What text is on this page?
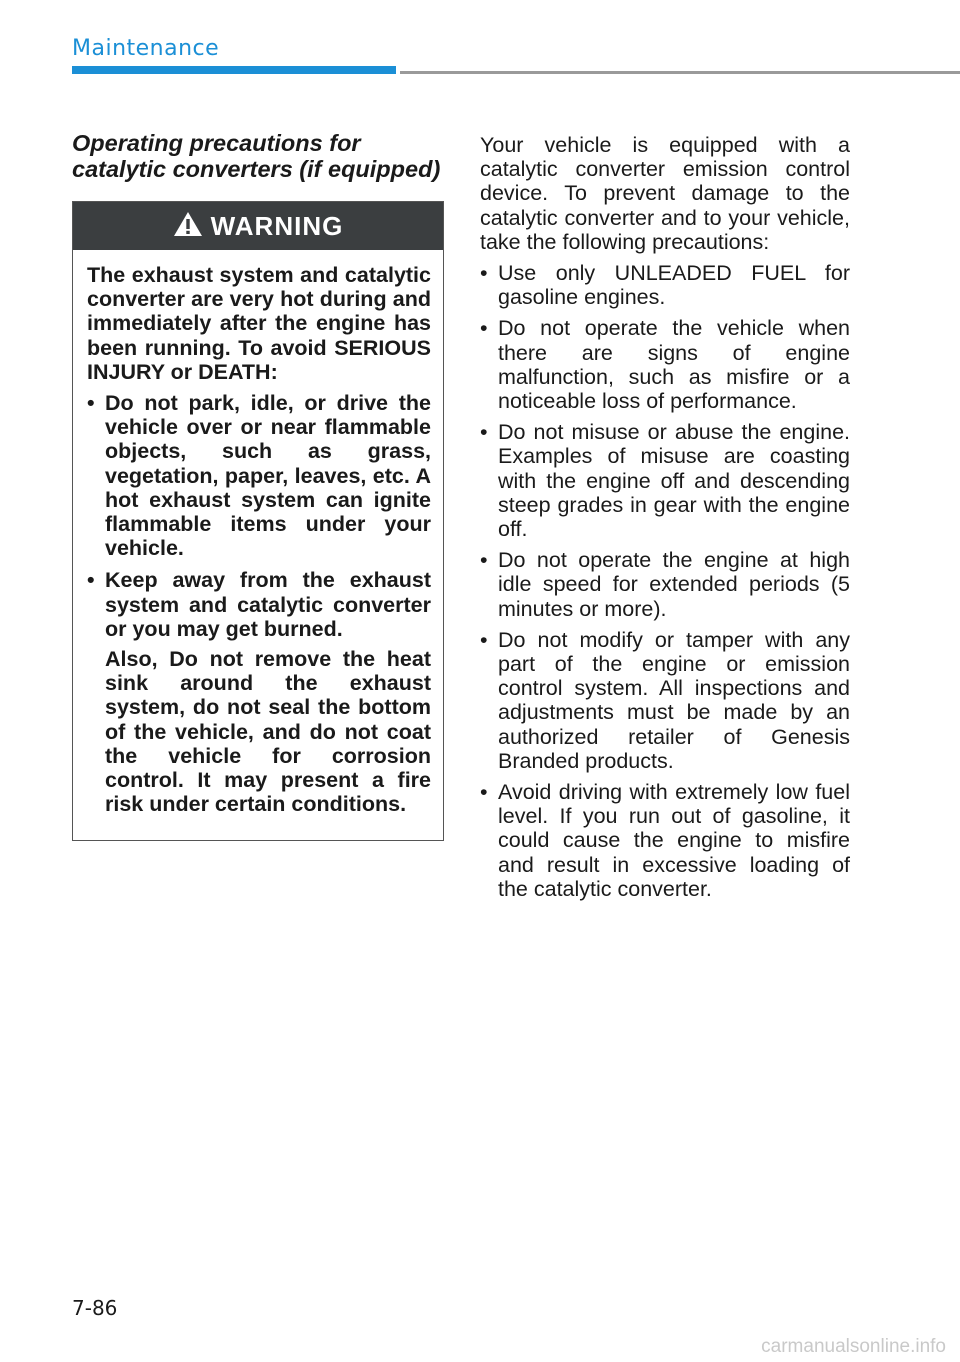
Maintenance
Operating precautions for catalytic converters (if equipped)
WARNING

The exhaust system and catalytic converter are very hot during and immediately after the engine has been running. To avoid SERIOUS INJURY or DEATH:

• Do not park, idle, or drive the vehicle over or near flammable objects, such as grass, vegetation, paper, leaves, etc. A hot exhaust system can ignite flammable items under your vehicle.
• Keep away from the exhaust system and catalytic converter or you may get burned.
Also, Do not remove the heat sink around the exhaust system, do not seal the bottom of the vehicle, and do not coat the vehicle for corrosion control. It may present a fire risk under certain conditions.

Your vehicle is equipped with a catalytic converter emission control device. To prevent damage to the catalytic converter and to your vehicle, take the following precautions:

• Use only UNLEADED FUEL for gasoline engines.
• Do not operate the vehicle when there are signs of engine malfunction, such as misfire or a noticeable loss of performance.
• Do not misuse or abuse the engine. Examples of misuse are coasting with the engine off and descending steep grades in gear with the engine off.
• Do not operate the engine at high idle speed for extended periods (5 minutes or more).
• Do not modify or tamper with any part of the engine or emission control system. All inspections and adjustments must be made by an authorized retailer of Genesis Branded products.
• Avoid driving with extremely low fuel level. If you run out of gasoline, it could cause the engine to misfire and result in excessive loading of the catalytic converter.
7-86
carmanualsonline.info
